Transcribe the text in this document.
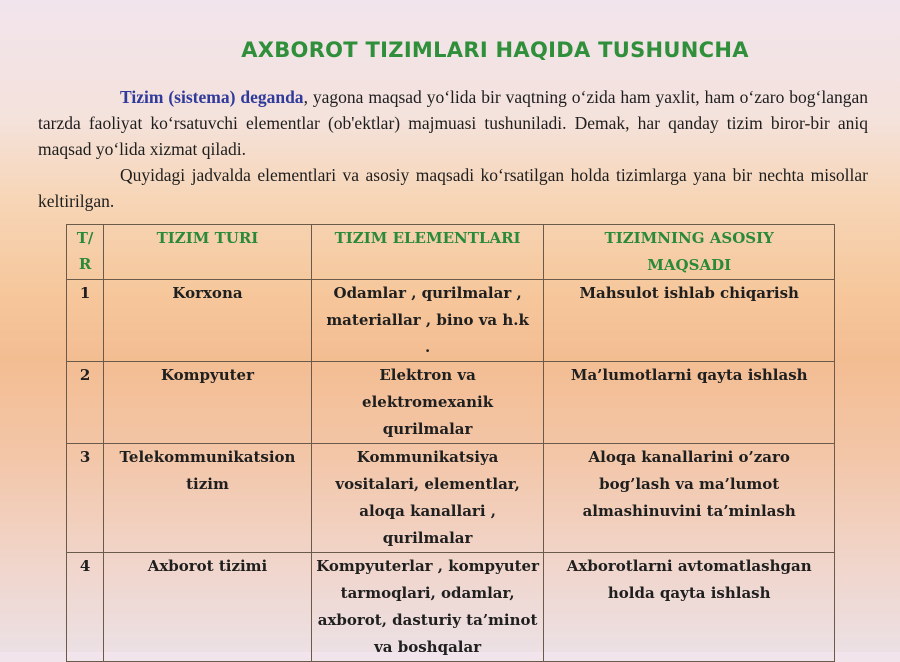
AXBOROT TIZIMLARI HAQIDA TUSHUNCHA

Tizim (sistema) deganda, yagona maqsad yo‘lida bir vaqtning o‘zida ham yaxlit, ham o‘zaro bog‘langan tarzda faoliyat ko‘rsatuvchi elementlar (ob'ektlar) majmuasi tushuniladi. Demak, har qanday tizim biror-bir aniq maqsad yo‘lida xizmat qiladi.

Quyidagi jadvalda elementlari va asosiy maqsadi ko‘rsatilgan holda tizimlarga yana bir nechta misollar keltirilgan.

T/ R	TIZIM TURI	TIZIM ELEMENTLARI	TIZIMNING ASOSIY MAQSADI
1	Korxona	Odamlar , qurilmalar , materiallar , bino va h.k .	Mahsulot ishlab chiqarish
2	Kompyuter	Elektron va elektromexanik qurilmalar	Ma’lumotlarni qayta ishlash
3	Telekommunikatsion tizim	Kommunikatsiya vositalari, elementlar, aloqa kanallari , qurilmalar	Aloqa kanallarini o’zaro bog’lash va ma’lumot almashinuvini ta’minlash
4	Axborot tizimi	Kompyuterlar , kompyuter tarmoqlari, odamlar, axborot, dasturiy ta’minot va boshqalar	Axborotlarni avtomatlashgan holda qayta ishlash
